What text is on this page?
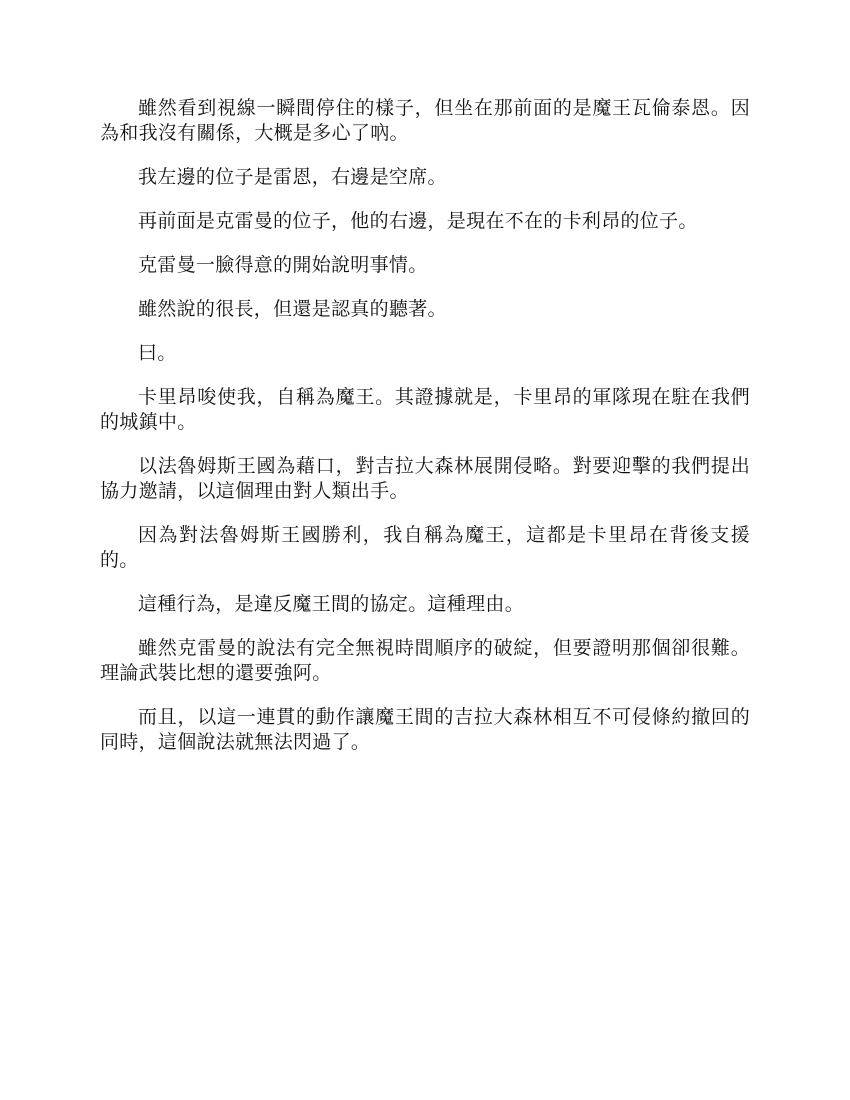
雖然看到視線一瞬間停住的樣子，但坐在那前面的是魔王瓦倫泰恩。因為和我沒有關係，大概是多心了吶。

我左邊的位子是雷恩，右邊是空席。

再前面是克雷曼的位子，他的右邊，是現在不在的卡利昂的位子。

克雷曼一臉得意的開始說明事情。

雖然說的很長，但還是認真的聽著。

曰。

卡里昂唆使我，自稱為魔王。其證據就是，卡里昂的軍隊現在駐在我們的城鎮中。

以法魯姆斯王國為藉口，對吉拉大森林展開侵略。對要迎擊的我們提出協力邀請，以這個理由對人類出手。

因為對法魯姆斯王國勝利，我自稱為魔王，這都是卡里昂在背後支援的。

這種行為，是違反魔王間的協定。這種理由。

雖然克雷曼的說法有完全無視時間順序的破綻，但要證明那個卻很難。理論武裝比想的還要強阿。

而且，以這一連貫的動作讓魔王間的吉拉大森林相互不可侵條約撤回的同時，這個說法就無法閃過了。
